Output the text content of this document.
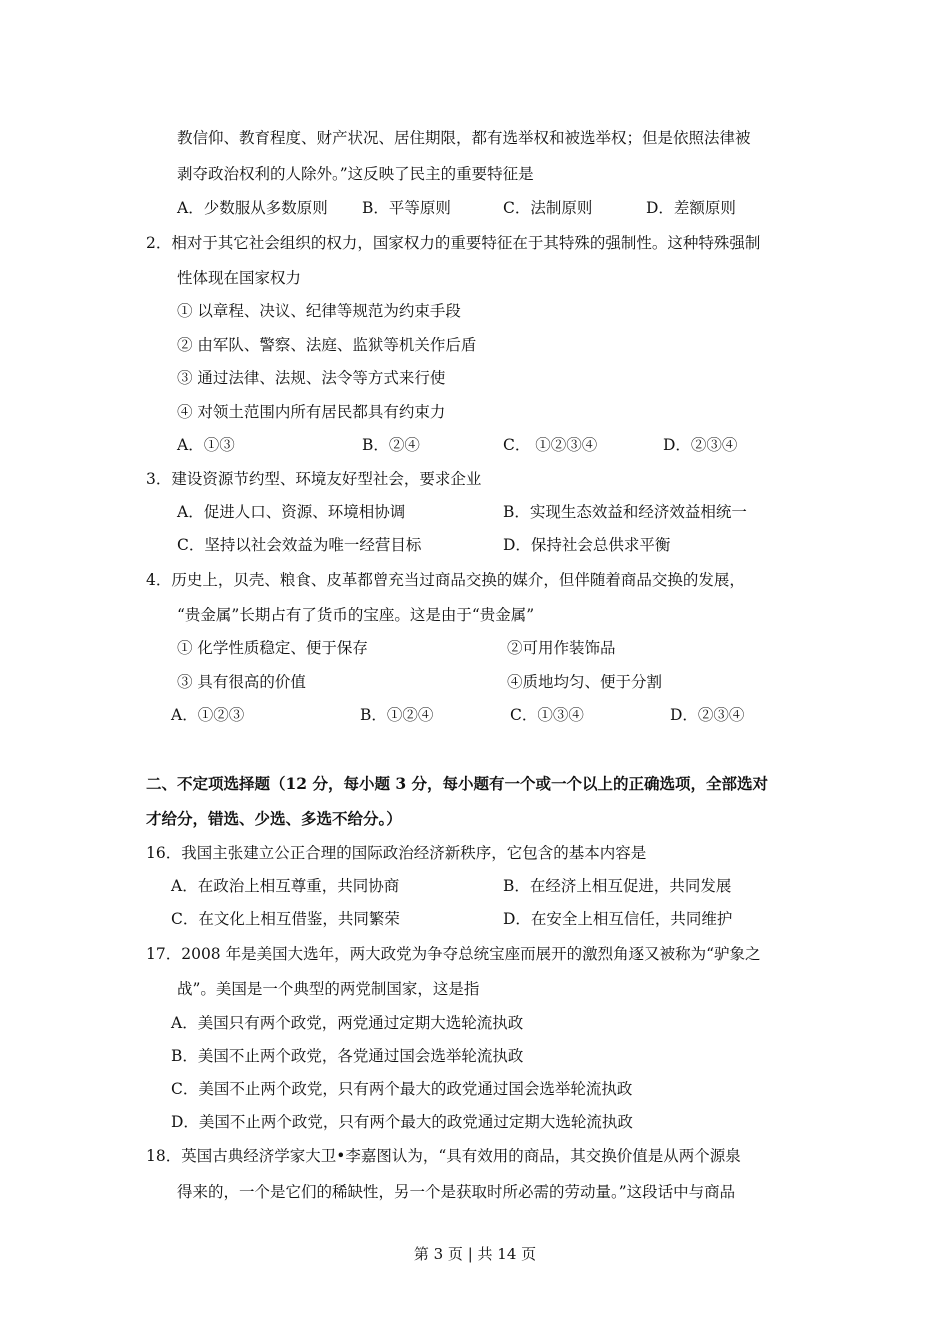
教信仰、教育程度、财产状况、居住期限，都有选举权和被选举权；但是依照法律被
剥夺政治权利的人除外。”这反映了民主的重要特征是
A．少数服从多数原则 B．平等原则	C．法制原则	D．差额原则
2．相对于其它社会组织的权力，国家权力的重要特征在于其特殊的强制性。这种特殊强制
性体现在国家权力
① 以章程、决议、纪律等规范为约束手段
② 由军队、警察、法庭、监狱等机关作后盾
③ 通过法律、法规、法令等方式来行使
④ 对领土范围内所有居民都具有约束力
A．①③	B．②④	C． ①②③④	D．②③④
3．建设资源节约型、环境友好型社会，要求企业
A．促进人口、资源、环境相协调	B．实现生态效益和经济效益相统一
C．坚持以社会效益为唯一经营目标	D．保持社会总供求平衡
4．历史上，贝壳、粮食、皮革都曾充当过商品交换的媒介，但伴随着商品交换的发展，
“贵金属”长期占有了货币的宝座。这是由于“贵金属”
① 化学性质稳定、便于保存	②可用作装饰品
③ 具有很高的价值	④质地均匀、便于分割
A．①②③	B．①②④	C．①③④	D．②③④
二、不定项选择题（12 分，每小题 3 分，每小题有一个或一个以上的正确选项，全部选对
才给分，错选、少选、多选不给分。）
16．我国主张建立公正合理的国际政治经济新秩序，它包含的基本内容是
A．在政治上相互尊重，共同协商	B．在经济上相互促进，共同发展
C．在文化上相互借鉴，共同繁荣	D．在安全上相互信任，共同维护
17．2008 年是美国大选年，两大政党为争夺总统宝座而展开的激烈角逐又被称为“驴象之
战”。美国是一个典型的两党制国家，这是指
A．美国只有两个政党，两党通过定期大选轮流执政
B．美国不止两个政党，各党通过国会选举轮流执政
C．美国不止两个政党，只有两个最大的政党通过国会选举轮流执政
D．美国不止两个政党，只有两个最大的政党通过定期大选轮流执政
18．英国古典经济学家大卫•李嘉图认为，“具有效用的商品，其交换价值是从两个源泉
得来的，一个是它们的稀缺性，另一个是获取时所必需的劳动量。”这段话中与商品
第 3 页 | 共 14 页
